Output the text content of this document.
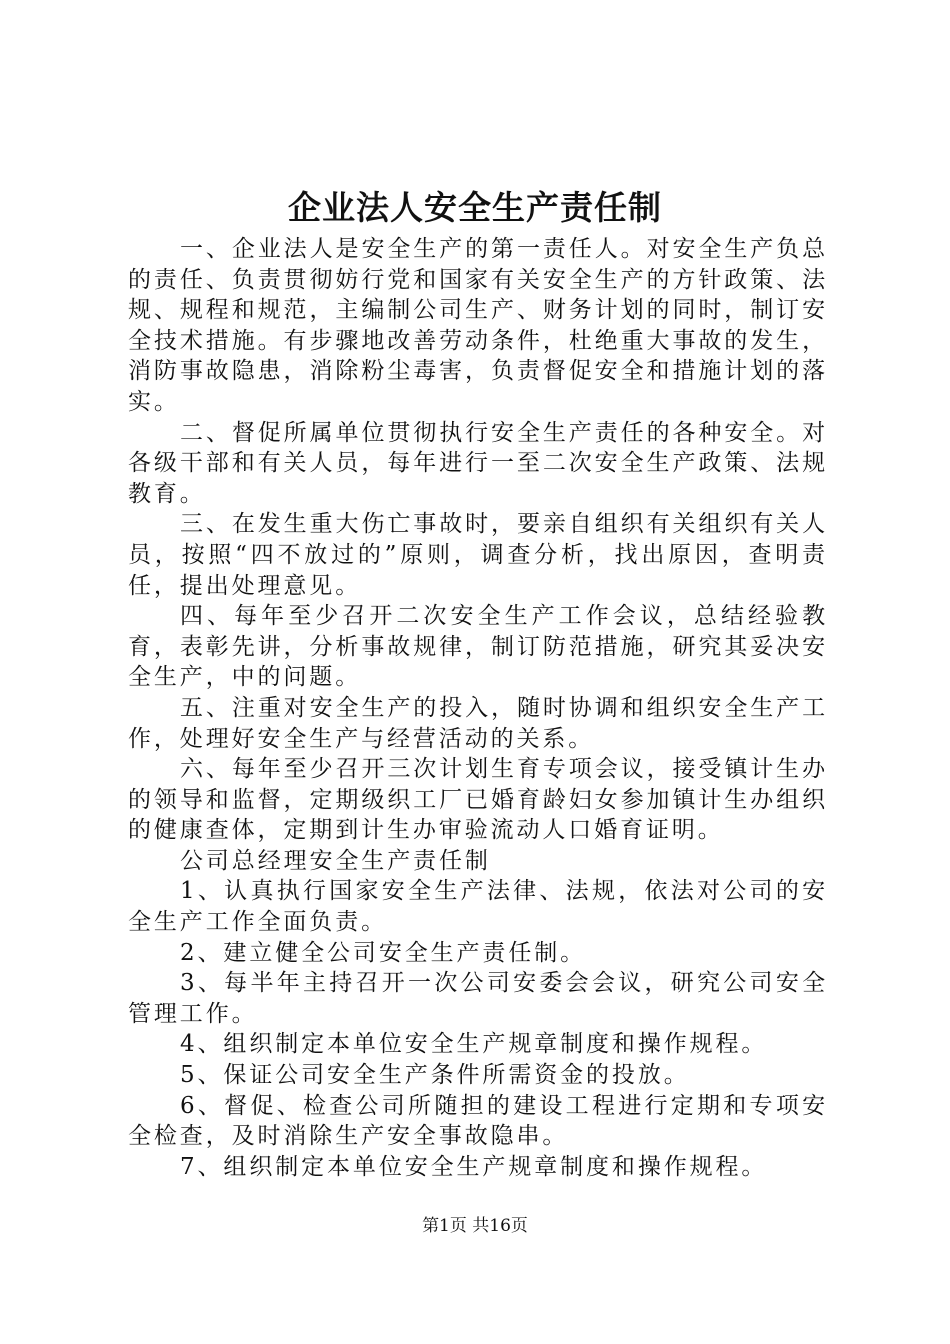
企业法人安全生产责任制

一、企业法人是安全生产的第一责任人。对安全生产负总的责任、负责贯彻妨行党和国家有关安全生产的方针政策、法规、规程和规范，主编制公司生产、财务计划的同时，制订安全技术措施。有步骤地改善劳动条件，杜绝重大事故的发生，消防事故隐患，消除粉尘毒害，负责督促安全和措施计划的落实。

二、督促所属单位贯彻执行安全生产责任的各种安全。对各级干部和有关人员，每年进行一至二次安全生产政策、法规教育。

三、在发生重大伤亡事故时，要亲自组织有关组织有关人员，按照“四不放过的”原则，调查分析，找出原因，查明责任，提出处理意见。

四、每年至少召开二次安全生产工作会议，总结经验教育，表彰先讲，分析事故规律，制订防范措施，研究其妥决安全生产，中的问题。

五、注重对安全生产的投入，随时协调和组织安全生产工作，处理好安全生产与经营活动的关系。

六、每年至少召开三次计划生育专项会议，接受镇计生办的领导和监督，定期级织工厂已婚育龄妇女参加镇计生办组织的健康查体，定期到计生办审验流动人口婚育证明。

公司总经理安全生产责任制

1、认真执行国家安全生产法律、法规，依法对公司的安全生产工作全面负责。

2、建立健全公司安全生产责任制。

3、每半年主持召开一次公司安委会会议，研究公司安全管理工作。

4、组织制定本单位安全生产规章制度和操作规程。

5、保证公司安全生产条件所需资金的投放。

6、督促、检查公司所随担的建设工程进行定期和专项安全检查，及时消除生产安全事故隐串。

7、组织制定本单位安全生产规章制度和操作规程。

第1页 共16页
